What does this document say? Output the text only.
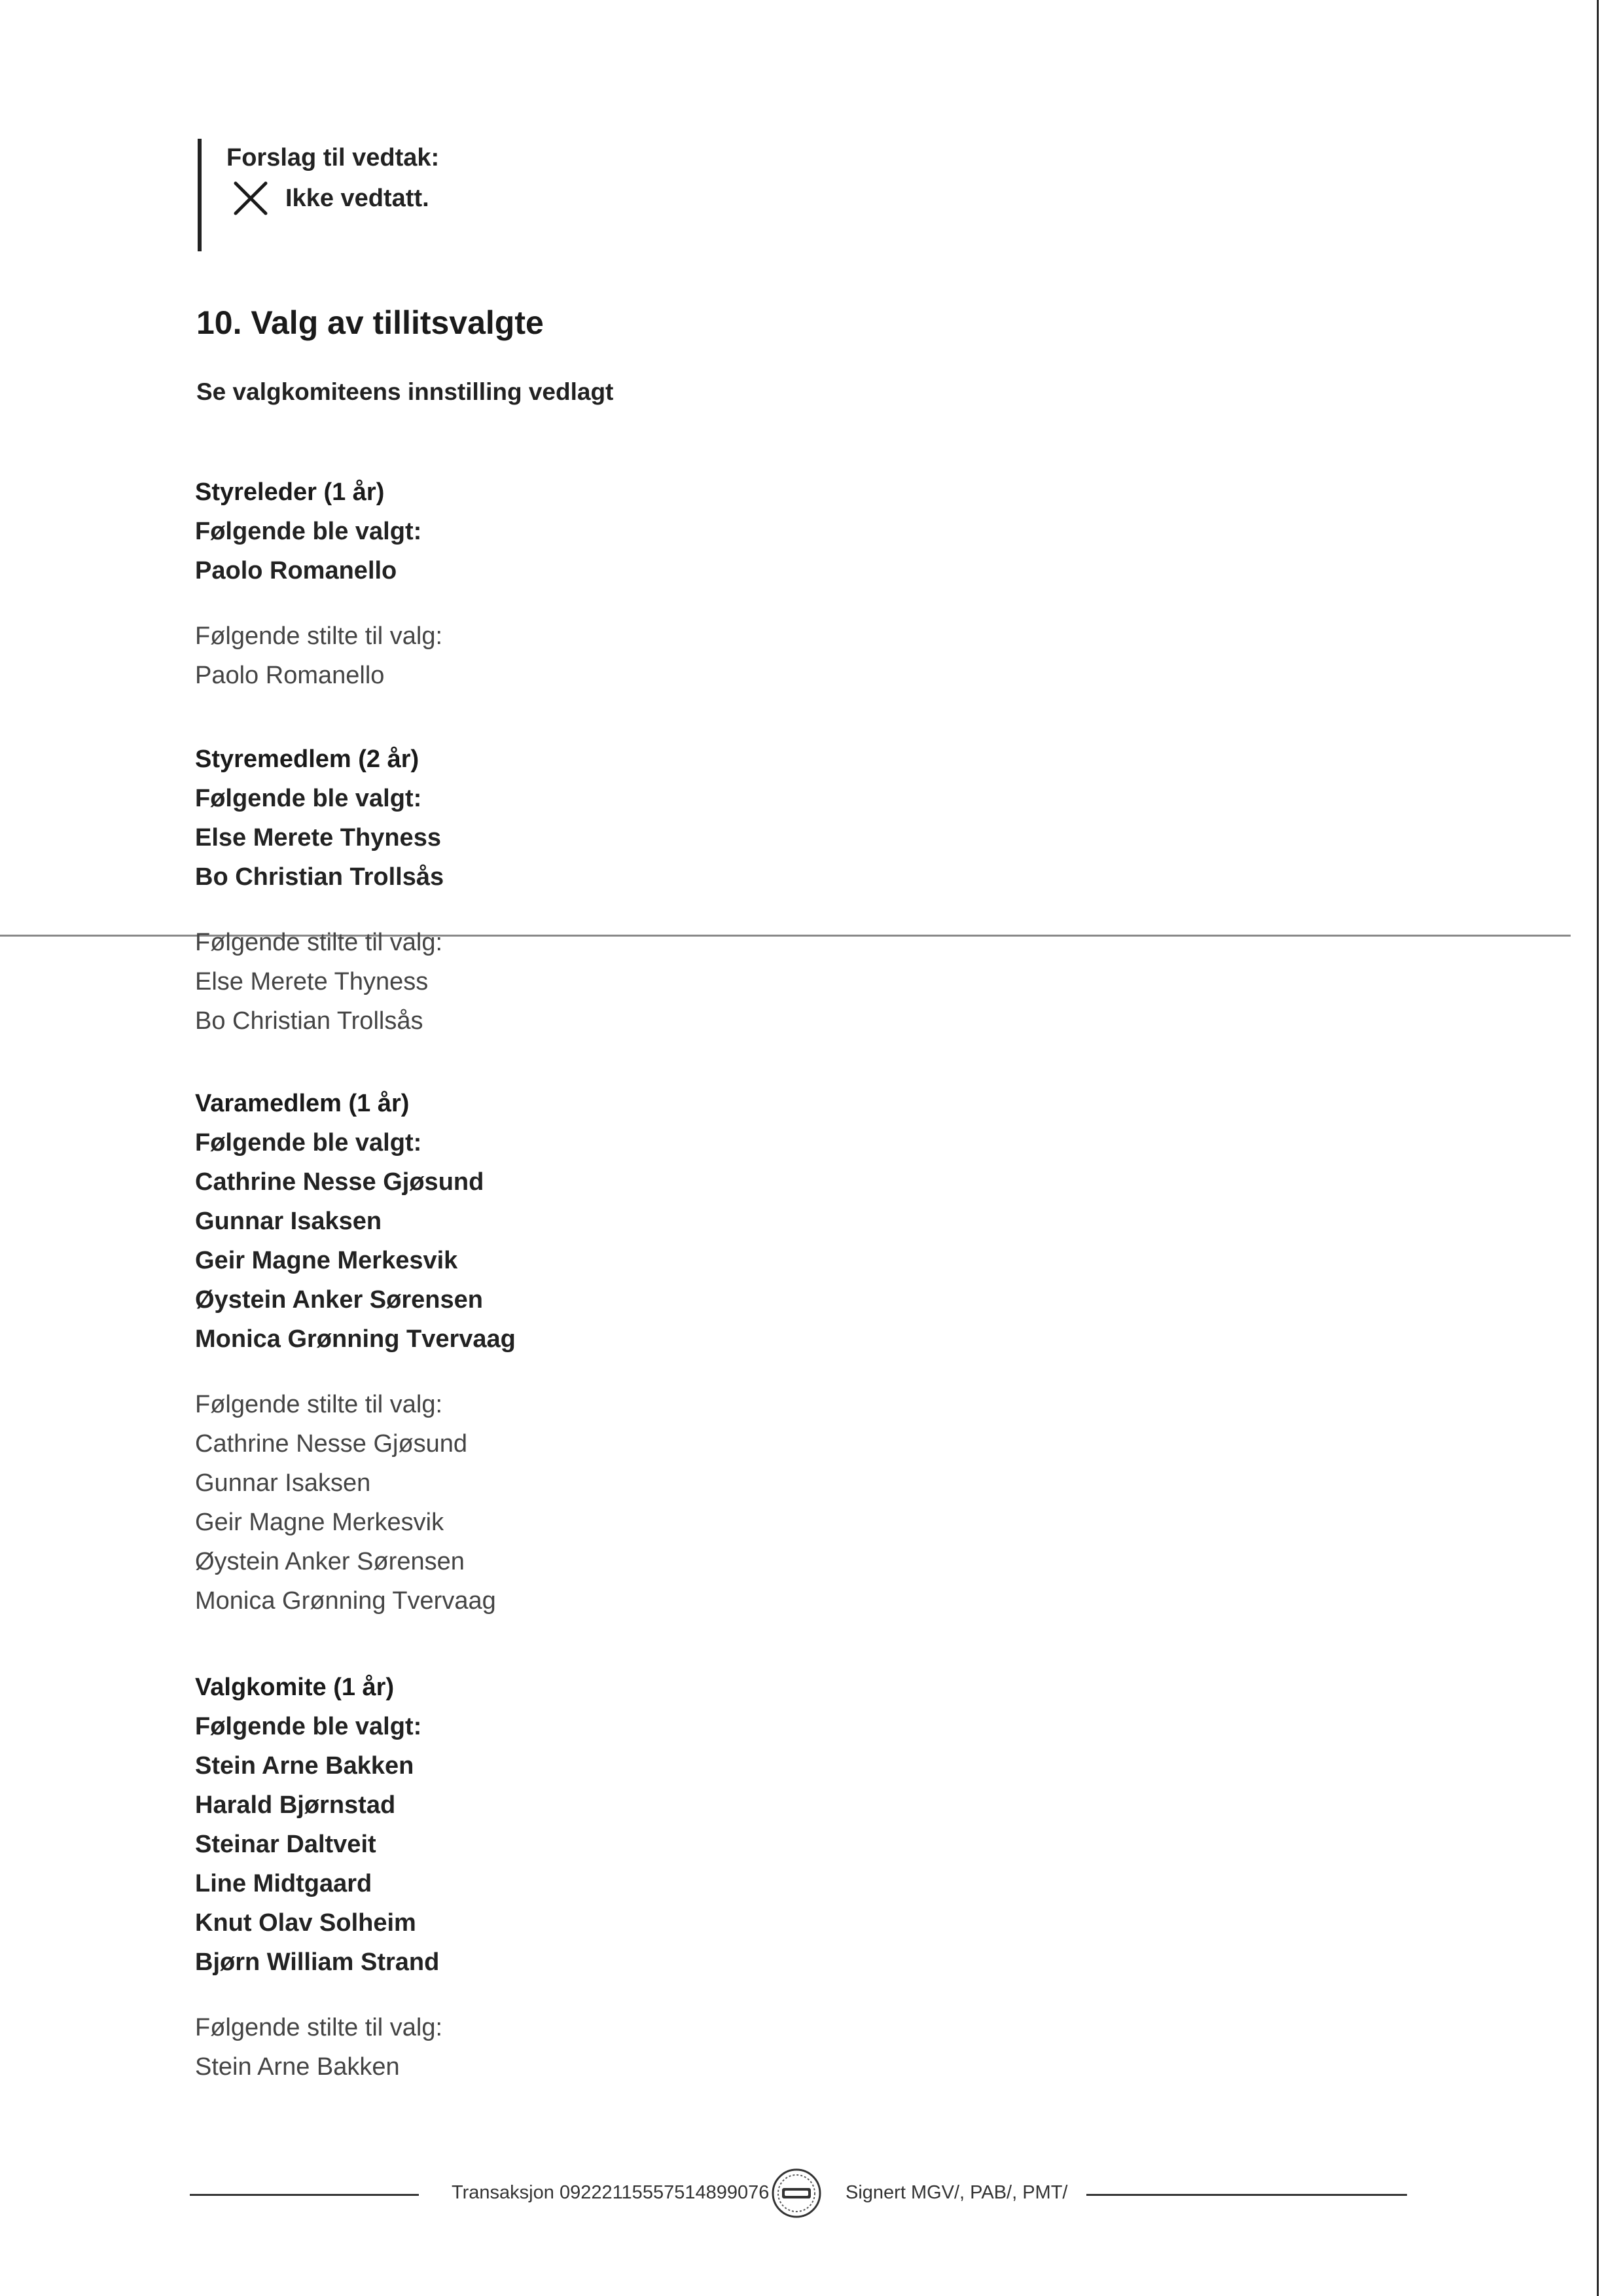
Forslag til vedtak:
Ikke vedtatt.
10. Valg av tillitsvalgte
Se valgkomiteens innstilling vedlagt
Styreleder (1 år)
Følgende ble valgt:
Paolo Romanello
Følgende stilte til valg:
Paolo Romanello
Styremedlem (2 år)
Følgende ble valgt:
Else Merete Thyness
Bo Christian Trollsås
Følgende stilte til valg:
Else Merete Thyness
Bo Christian Trollsås
Varamedlem (1 år)
Følgende ble valgt:
Cathrine Nesse Gjøsund
Gunnar Isaksen
Geir Magne Merkesvik
Øystein Anker Sørensen
Monica Grønning Tvervaag
Følgende stilte til valg:
Cathrine Nesse Gjøsund
Gunnar Isaksen
Geir Magne Merkesvik
Øystein Anker Sørensen
Monica Grønning Tvervaag
Valgkomite (1 år)
Følgende ble valgt:
Stein Arne Bakken
Harald Bjørnstad
Steinar Daltveit
Line Midtgaard
Knut Olav Solheim
Bjørn William Strand
Følgende stilte til valg:
Stein Arne Bakken
Transaksjon 09222115557514899076	Signert MGV/, PAB/, PMT/
